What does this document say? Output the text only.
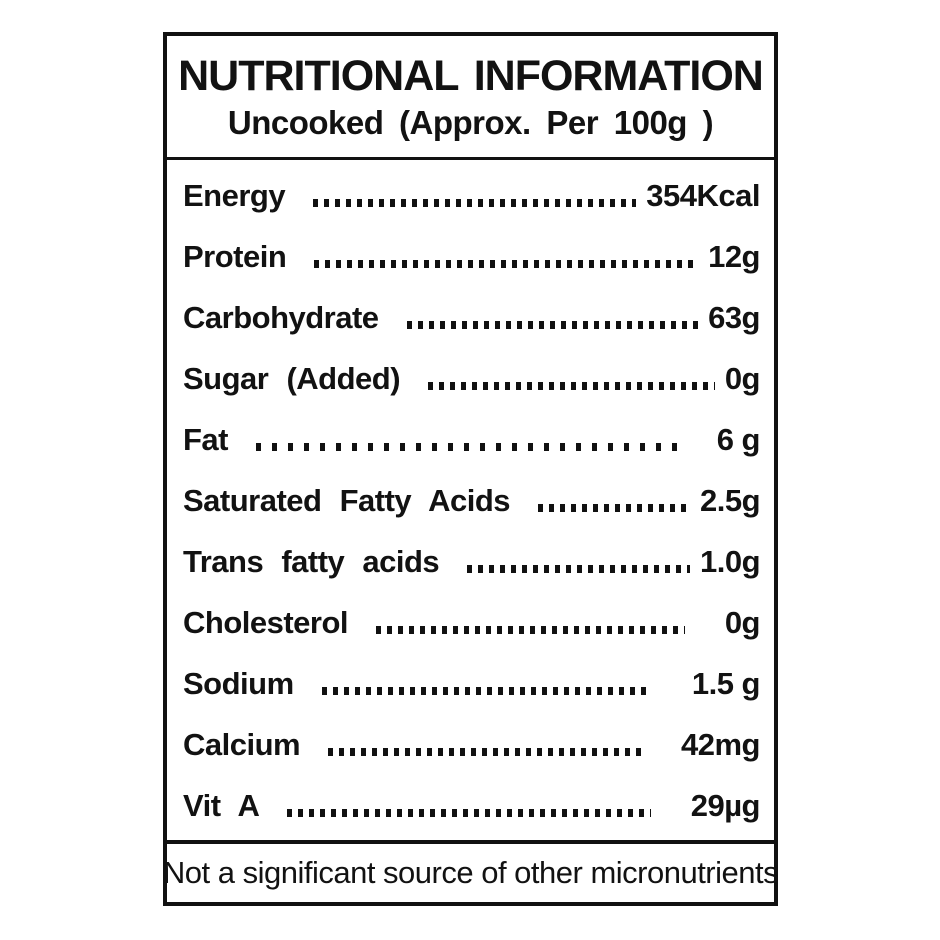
NUTRITIONAL INFORMATION
Uncooked (Approx. Per 100g )
Energy	354Kcal
Protein	12g
Carbohydrate	63g
Sugar (Added)	0g
Fat	6 g
Saturated Fatty Acids	2.5g
Trans fatty acids	1.0g
Cholesterol	0g
Sodium	1.5 g
Calcium	42mg
Vit A	29µg
Not a significant source of other micronutrients
